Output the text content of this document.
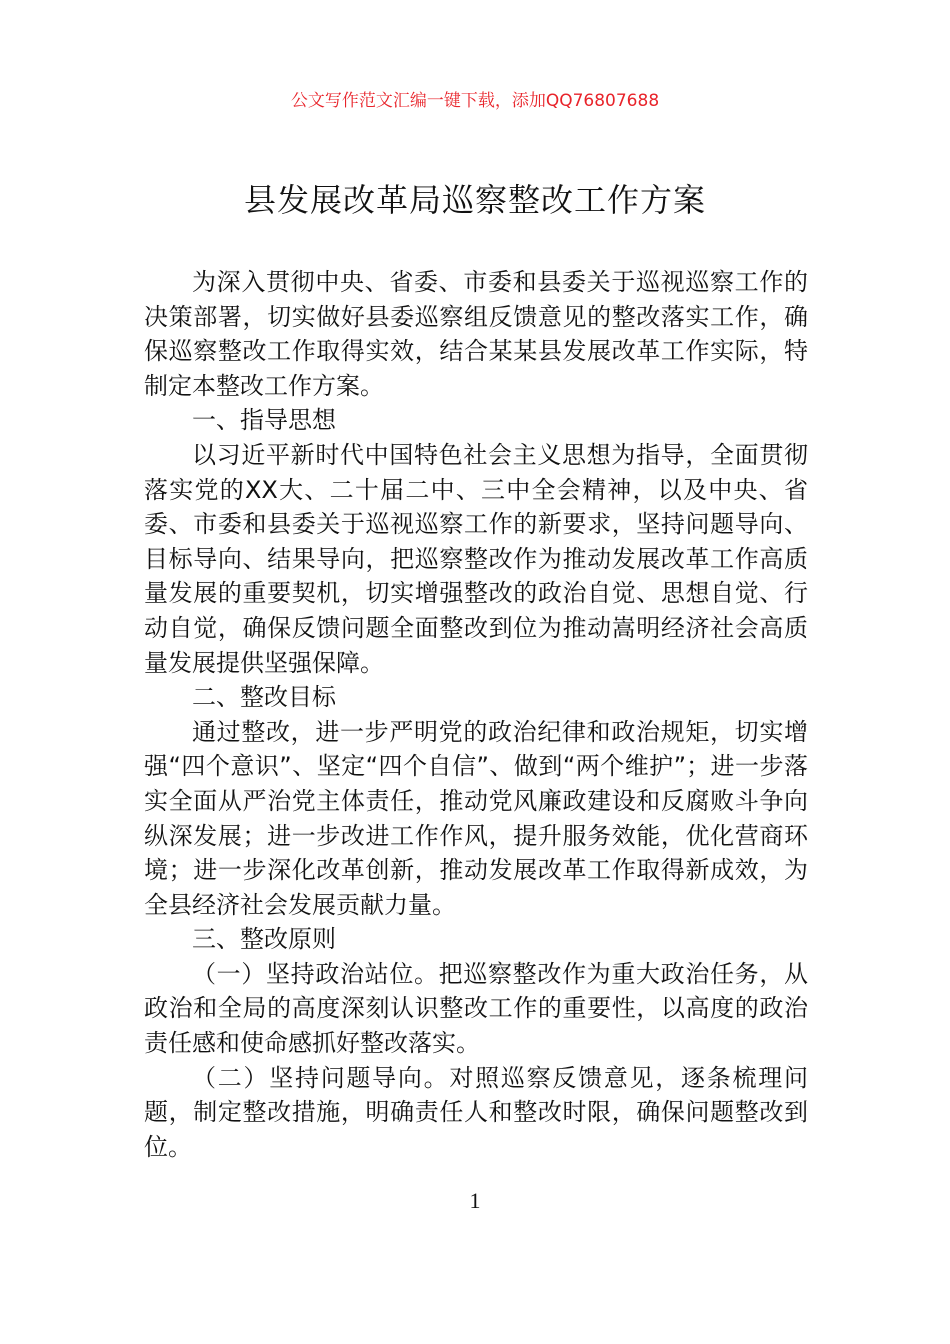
公文写作范文汇编一键下载，添加QQ76807688
县发展改革局巡察整改工作方案

为深入贯彻中央、省委、市委和县委关于巡视巡察工作的决策部署，切实做好县委巡察组反馈意见的整改落实工作，确保巡察整改工作取得实效，结合某某县发展改革工作实际，特制定本整改工作方案。

一、指导思想

以习近平新时代中国特色社会主义思想为指导，全面贯彻落实党的XX大、二十届二中、三中全会精神，以及中央、省委、市委和县委关于巡视巡察工作的新要求，坚持问题导向、目标导向、结果导向，把巡察整改作为推动发展改革工作高质量发展的重要契机，切实增强整改的政治自觉、思想自觉、行动自觉，确保反馈问题全面整改到位为推动嵩明经济社会高质量发展提供坚强保障。

二、整改目标

通过整改，进一步严明党的政治纪律和政治规矩，切实增强“四个意识”、坚定“四个自信”、做到“两个维护”；进一步落实全面从严治党主体责任，推动党风廉政建设和反腐败斗争向纵深发展；进一步改进工作作风，提升服务效能，优化营商环境；进一步深化改革创新，推动发展改革工作取得新成效，为全县经济社会发展贡献力量。

三、整改原则

（一）坚持政治站位。把巡察整改作为重大政治任务，从政治和全局的高度深刻认识整改工作的重要性，以高度的政治责任感和使命感抓好整改落实。

（二）坚持问题导向。对照巡察反馈意见，逐条梳理问题，制定整改措施，明确责任人和整改时限，确保问题整改到位。

1
